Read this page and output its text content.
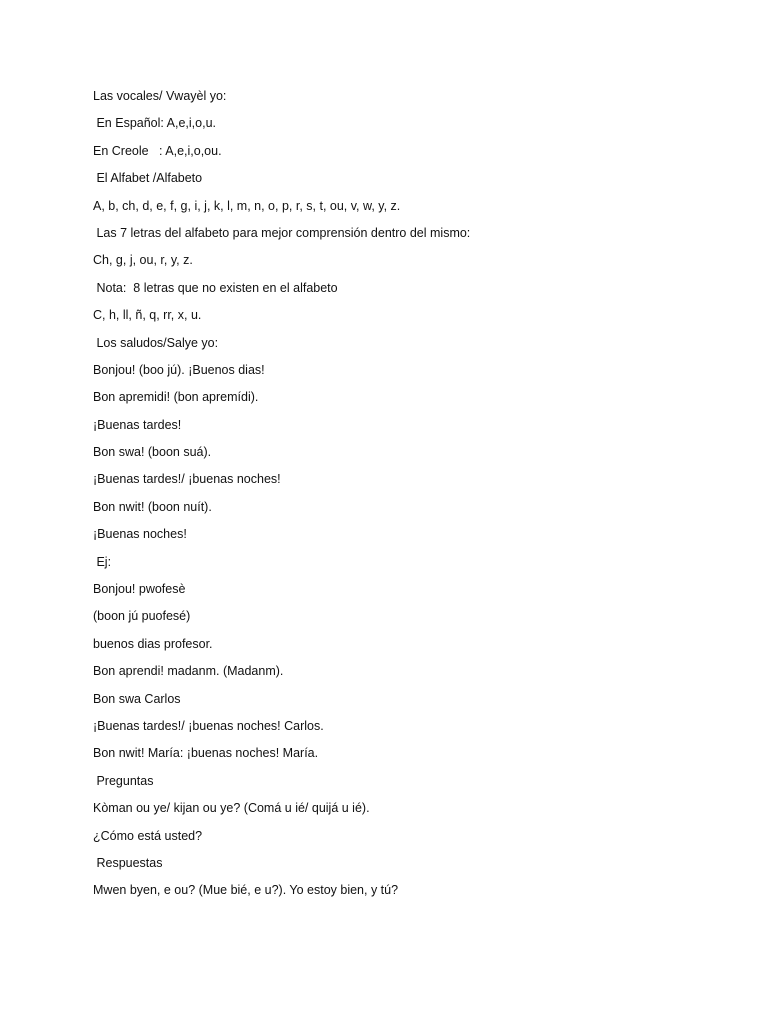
Las vocales/ Vwayèl yo:

En Español: A,e,i,o,u.

En Creole   : A,e,i,o,ou.

El Alfabet /Alfabeto

A, b, ch, d, e, f, g, i, j, k, l, m, n, o, p, r, s, t, ou, v, w, y, z.

Las 7 letras del alfabeto para mejor comprensión dentro del mismo:

Ch, g, j, ou, r, y, z.

Nota:  8 letras que no existen en el alfabeto

C, h, ll, ñ, q, rr, x, u.

Los saludos/Salye yo:

Bonjou! (boo jú). ¡Buenos dias!

Bon apremidi! (bon apremídi).

¡Buenas tardes!

Bon swa! (boon suá).

¡Buenas tardes!/ ¡buenas noches!

Bon nwit! (boon nuít).

¡Buenas noches!

Ej:

Bonjou! pwofesè

(boon jú puofesé)

buenos dias profesor.

Bon aprendi! madanm. (Madanm).

Bon swa Carlos

¡Buenas tardes!/ ¡buenas noches! Carlos.

Bon nwit! María: ¡buenas noches! María.

Preguntas

Kòman ou ye/ kijan ou ye? (Comá u ié/ quijá u ié).

¿Cómo está usted?

Respuestas

Mwen byen, e ou? (Mue bié, e u?). Yo estoy bien, y tú?
